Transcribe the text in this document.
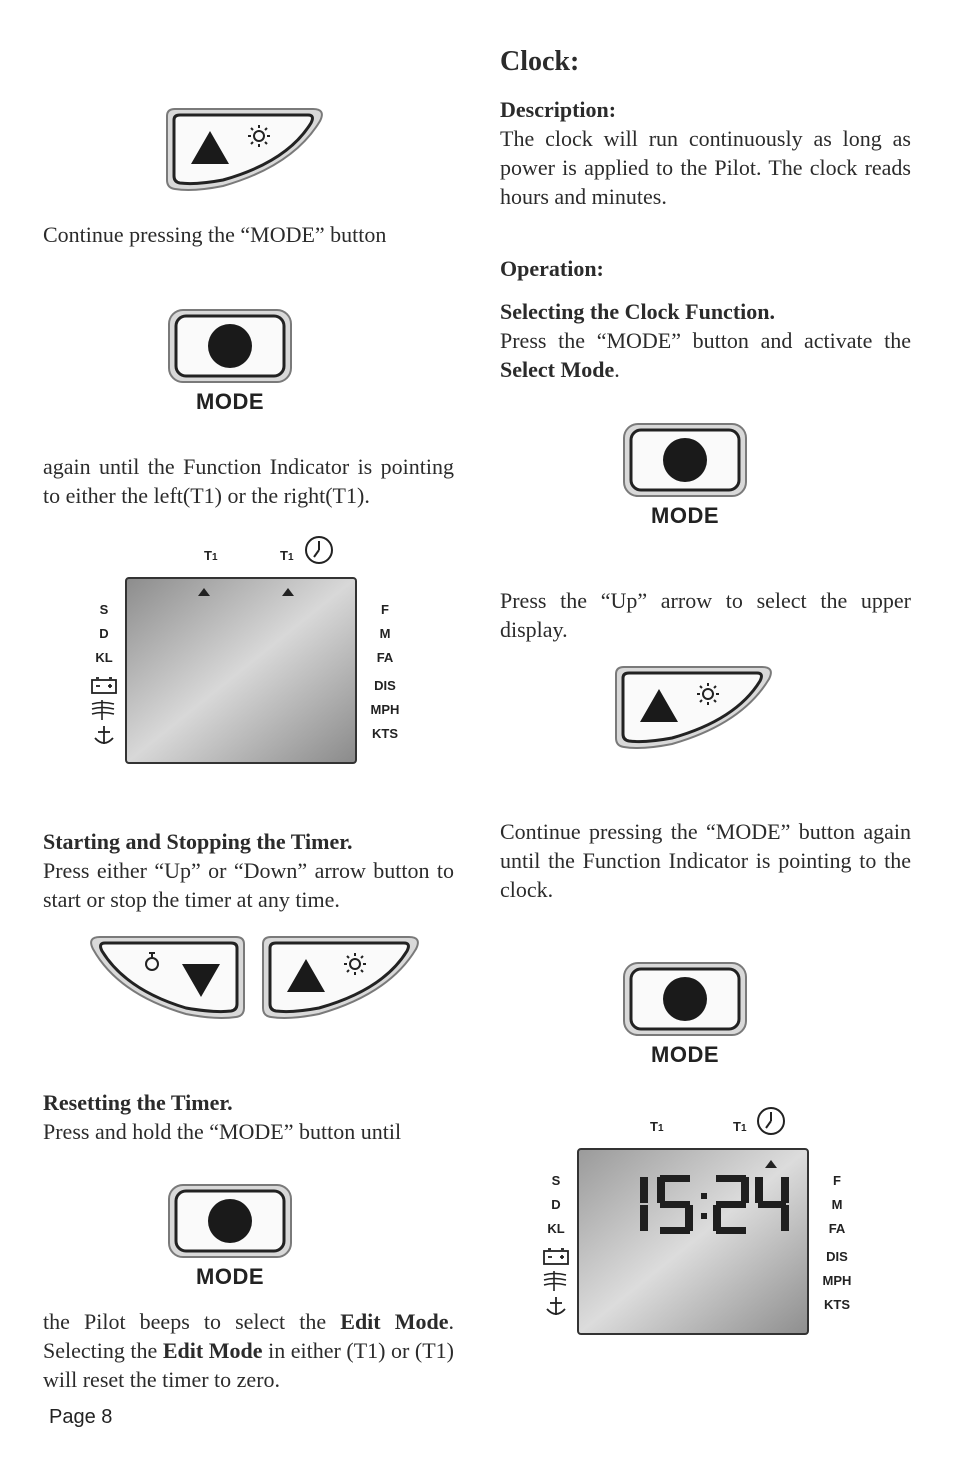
Continue pressing the “MODE” button
MODE
again until the Function Indicator is pointing to either the left(T1) or the right(T1).
T1	T1
S
D
KL
F
M
FA
DIS
MPH
KTS
Starting and Stopping the Timer.
Press either “Up” or “Down” arrow button to start or stop the timer at any time.
Resetting the Timer.
Press and hold the “MODE” button until
MODE
the Pilot beeps to select the Edit Mode. Selecting the Edit Mode in either (T1) or (T1) will reset the timer to zero.
Page 8
Clock:
Description:
The clock will run continuously as long as power is applied to the Pilot. The clock reads hours and minutes.
Operation:
Selecting the Clock Function.
Press the “MODE” button and activate the Select Mode.
MODE
Press the “Up” arrow to select the upper display.
Continue pressing the “MODE” button again until the Function Indicator is pointing to the clock.
MODE
T1	T1
S
D
KL
F
M
FA
DIS
MPH
KTS
